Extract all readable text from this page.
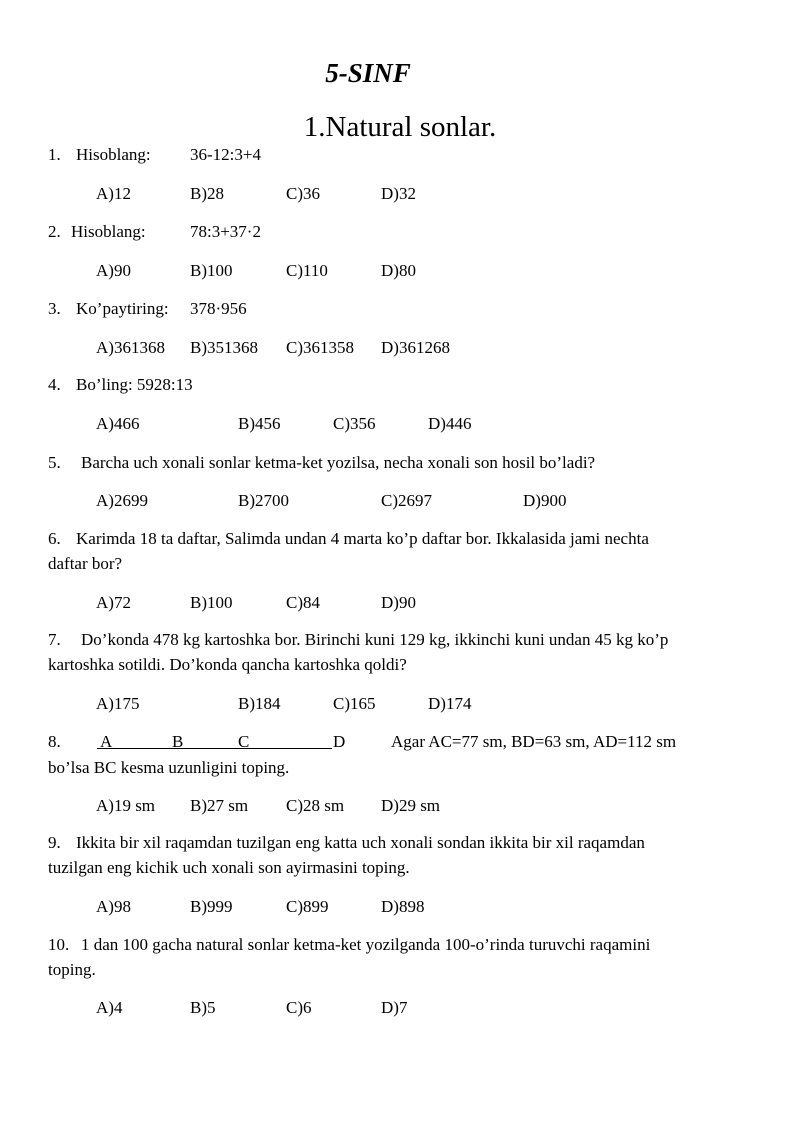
5-SINF
1.Natural sonlar.
1. Hisoblang: 36-12:3+4
A)12	B)28	C)36	D)32
2. Hisoblang:	78:3+37·2
A)90	B)100	C)110	D)80
3. Ko’paytiring: 378·956
A)361368 B)351368 C)361358 D)361268
4. Bo’ling: 5928:13
A)466	B)456	C)356	D)446
5. Barcha uch xonali sonlar ketma-ket yozilsa, necha xonali son hosil bo’ladi?
A)2699	B)2700	C)2697	D)900
6. Karimda 18 ta daftar, Salimda undan 4 marta ko’p daftar bor. Ikkalasida jami nechta
daftar bor?
A)72	B)100	C)84	D)90
7. Do’konda 478 kg kartoshka bor. Birinchi kuni 129 kg, ikkinchi kuni undan 45 kg ko’p
kartoshka sotildi. Do’konda qancha kartoshka qoldi?
A)175	B)184	C)165	D)174
8. A	B	C	D	Agar AC=77 sm, BD=63 sm, AD=112 sm
bo’lsa BC kesma uzunligini toping.
A)19 sm B)27 sm C)28 sm D)29 sm
9. Ikkita bir xil raqamdan tuzilgan eng katta uch xonali sondan ikkita bir xil raqamdan
tuzilgan eng kichik uch xonali son ayirmasini toping.
A)98	B)999	C)899	D)898
10. 1 dan 100 gacha natural sonlar ketma-ket yozilganda 100-o’rinda turuvchi raqamini
toping.
A)4	B)5	C)6	D)7
